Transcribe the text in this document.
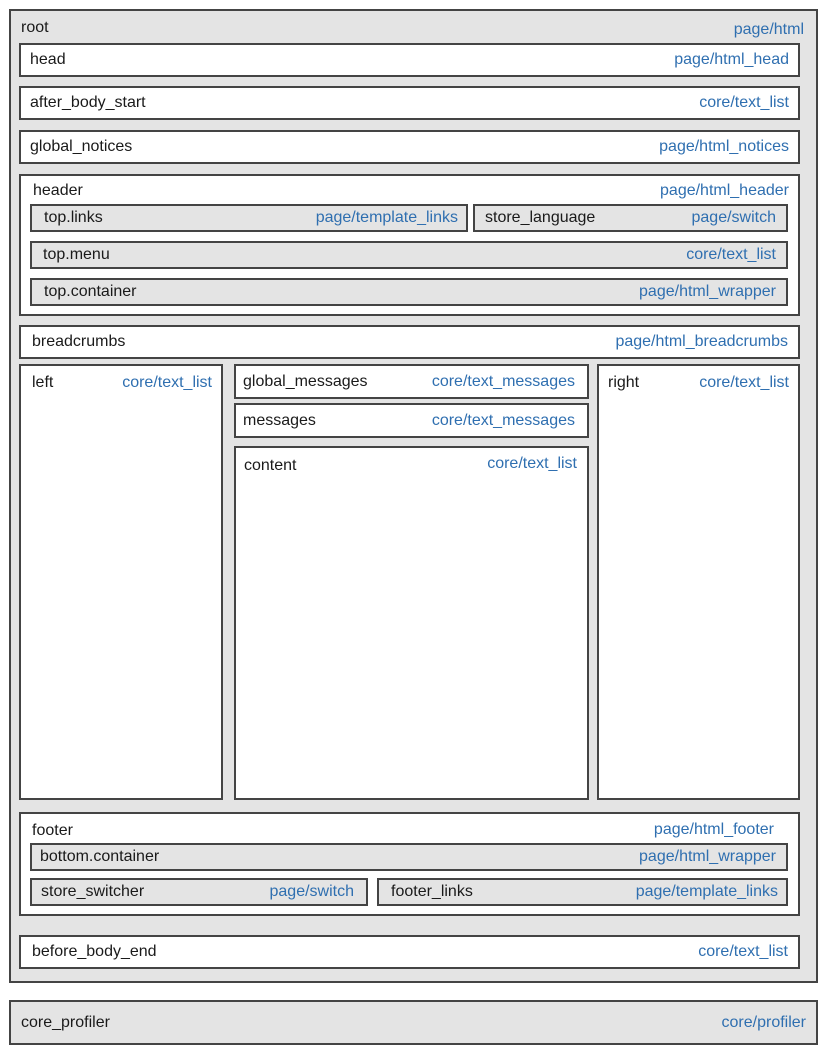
root	page/html
head	page/html_head
after_body_start	core/text_list
global_notices	page/html_notices
header	page/html_header
top.links	page/template_links store_language	page/switch
top.menu	core/text_list
top.container	page/html_wrapper
breadcrumbs	page/html_breadcrumbs
left	core/text_list global_messages	core/text_messages
messages	core/text_messages
content	core/text_list
right	core/text_list
footer	page/html_footer
bottom.container	page/html_wrapper
store_switcher	page/switch footer_links	page/template_links
before_body_end	core/text_list
core_profiler	core/profiler
